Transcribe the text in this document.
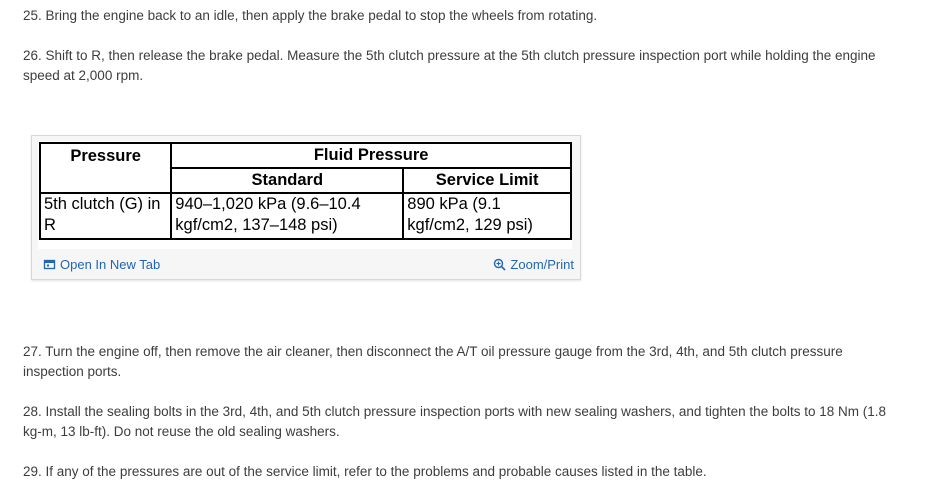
25. Bring the engine back to an idle, then apply the brake pedal to stop the wheels from rotating.
26. Shift to R, then release the brake pedal. Measure the 5th clutch pressure at the 5th clutch pressure inspection port while holding the engine speed at 2,000 rpm.
Pressure	Fluid Pressure	
	Standard	Service Limit
5th clutch (G) in R	940–1,020 kPa (9.6–10.4 kgf/cm2, 137–148 psi)	890 kPa (9.1 kgf/cm2, 129 psi)
Open In New Tab	Zoom/Print
27. Turn the engine off, then remove the air cleaner, then disconnect the A/T oil pressure gauge from the 3rd, 4th, and 5th clutch pressure inspection ports.
28. Install the sealing bolts in the 3rd, 4th, and 5th clutch pressure inspection ports with new sealing washers, and tighten the bolts to 18 Nm (1.8 kg-m, 13 lb-ft). Do not reuse the old sealing washers.
29. If any of the pressures are out of the service limit, refer to the problems and probable causes listed in the table.
